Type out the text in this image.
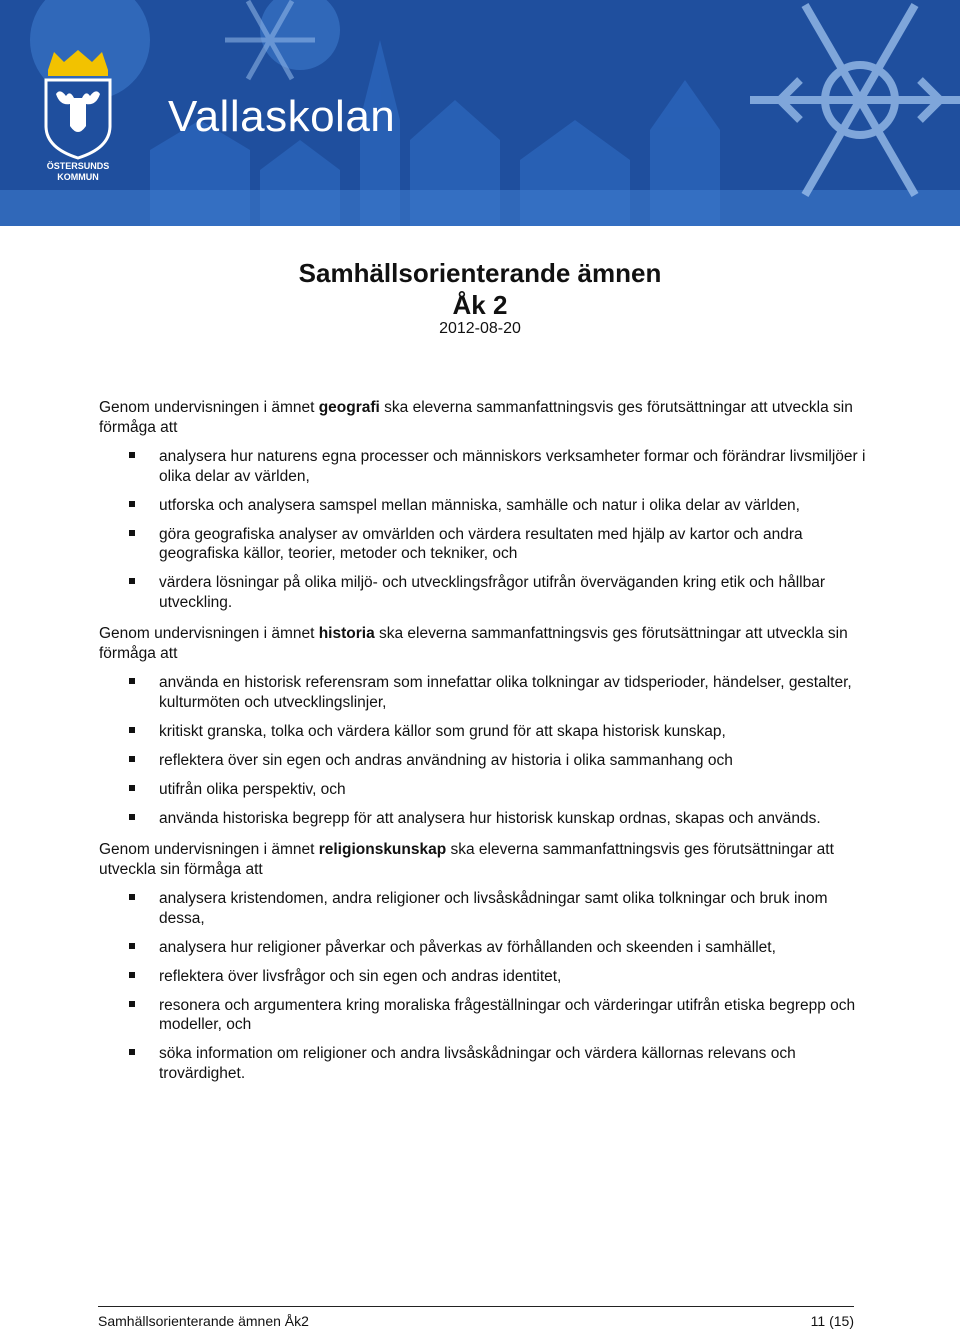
ÖSTERSUNDS
KOMMUN
Vallaskolan
Samhällsorienterande ämnen
Åk 2
2012-08-20

Genom undervisningen i ämnet geografi ska eleverna sammanfattningsvis ges förutsättningar att utveckla sin förmåga att

analysera hur naturens egna processer och människors verksamheter formar och förändrar livsmiljöer i olika delar av världen,
utforska och analysera samspel mellan människa, samhälle och natur i olika delar av världen,
göra geografiska analyser av omvärlden och värdera resultaten med hjälp av kartor och andra geografiska källor, teorier, metoder och tekniker, och
värdera lösningar på olika miljö- och utvecklingsfrågor utifrån överväganden kring etik och hållbar utveckling.

Genom undervisningen i ämnet historia ska eleverna sammanfattningsvis ges förutsättningar att utveckla sin förmåga att

använda en historisk referensram som innefattar olika tolkningar av tidsperioder, händelser, gestalter, kulturmöten och utvecklingslinjer,
kritiskt granska, tolka och värdera källor som grund för att skapa historisk kunskap,
reflektera över sin egen och andras användning av historia i olika sammanhang och
utifrån olika perspektiv, och
använda historiska begrepp för att analysera hur historisk kunskap ordnas, skapas och används.

Genom undervisningen i ämnet religionskunskap ska eleverna sammanfattningsvis ges förutsättningar att utveckla sin förmåga att

analysera kristendomen, andra religioner och livsåskådningar samt olika tolkningar och bruk inom dessa,
analysera hur religioner påverkar och påverkas av förhållanden och skeenden i samhället,
reflektera över livsfrågor och sin egen och andras identitet,
resonera och argumentera kring moraliska frågeställningar och värderingar utifrån etiska begrepp och modeller, och
söka information om religioner och andra livsåskådningar och värdera källornas relevans och trovärdighet.
Samhällsorienterande ämnen Åk2	11 (15)
